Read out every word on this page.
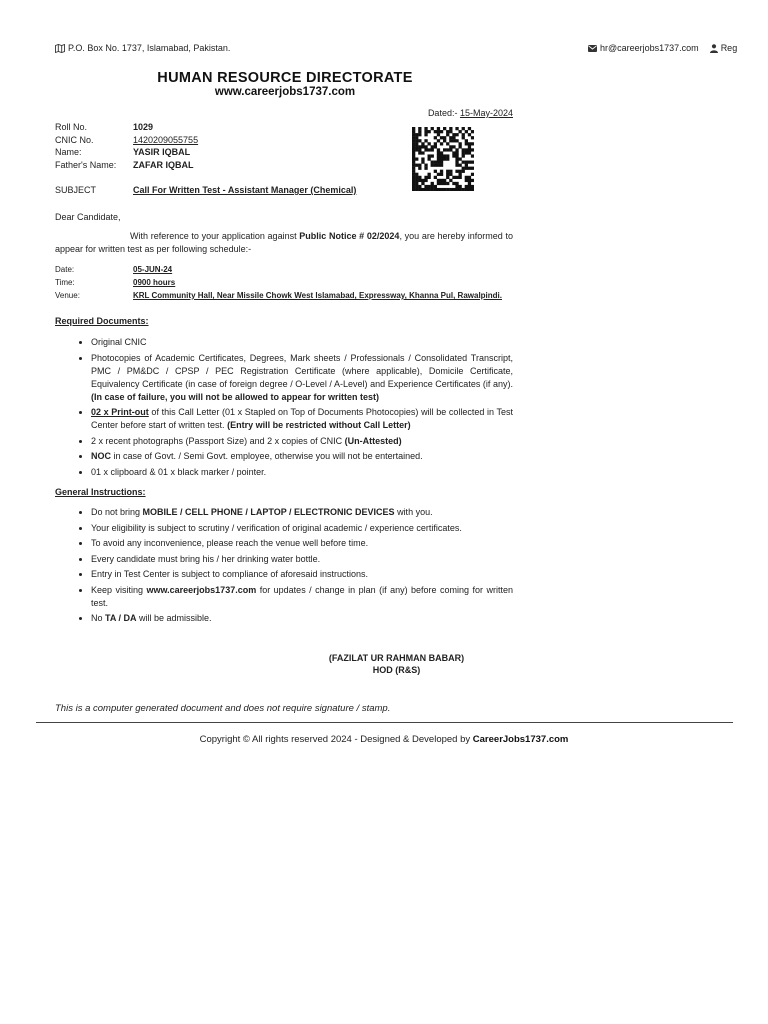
P.O. Box No. 1737, Islamabad, Pakistan.	hr@careerjobs1737.com Reg
HUMAN RESOURCE DIRECTORATE
www.careerjobs1737.com
Dated:- 15-May-2024
Roll No.	1029
CNIC No.	1420209055755
Name:	YASIR IQBAL
Father's Name:	ZAFAR IQBAL
SUBJECT	Call For Written Test - Assistant Manager (Chemical)
Dear Candidate,
With reference to your application against Public Notice # 02/2024, you are hereby informed to appear for written test as per following schedule:-
Date:	05-JUN-24
Time:	0900 hours
Venue:	KRL Community Hall, Near Missile Chowk West Islamabad, Expressway, Khanna Pul, Rawalpindi.
Required Documents:
• Original CNIC
• Photocopies of Academic Certificates, Degrees, Mark sheets / Professionals / Consolidated Transcript, PMC / PM&DC / CPSP / PEC Registration Certificate (where applicable), Domicile Certificate, Equivalency Certificate (in case of foreign degree / O-Level / A-Level) and Experience Certificates (if any). (In case of failure, you will not be allowed to appear for written test)
• 02 x Print-out of this Call Letter (01 x Stapled on Top of Documents Photocopies) will be collected in Test Center before start of written test. (Entry will be restricted without Call Letter)
• 2 x recent photographs (Passport Size) and 2 x copies of CNIC (Un-Attested)
• NOC in case of Govt. / Semi Govt. employee, otherwise you will not be entertained.
• 01 x clipboard & 01 x black marker / pointer.
General Instructions:
• Do not bring MOBILE / CELL PHONE / LAPTOP / ELECTRONIC DEVICES with you.
• Your eligibility is subject to scrutiny / verification of original academic / experience certificates.
• To avoid any inconvenience, please reach the venue well before time.
• Every candidate must bring his / her drinking water bottle.
• Entry in Test Center is subject to compliance of aforesaid instructions.
• Keep visiting www.careerjobs1737.com for updates / change in plan (if any) before coming for written test.
• No TA / DA will be admissible.
(FAZILAT UR RAHMAN BABAR)
HOD (R&S)
This is a computer generated document and does not require signature / stamp.
Copyright © All rights reserved 2024 - Designed & Developed by CareerJobs1737.com
